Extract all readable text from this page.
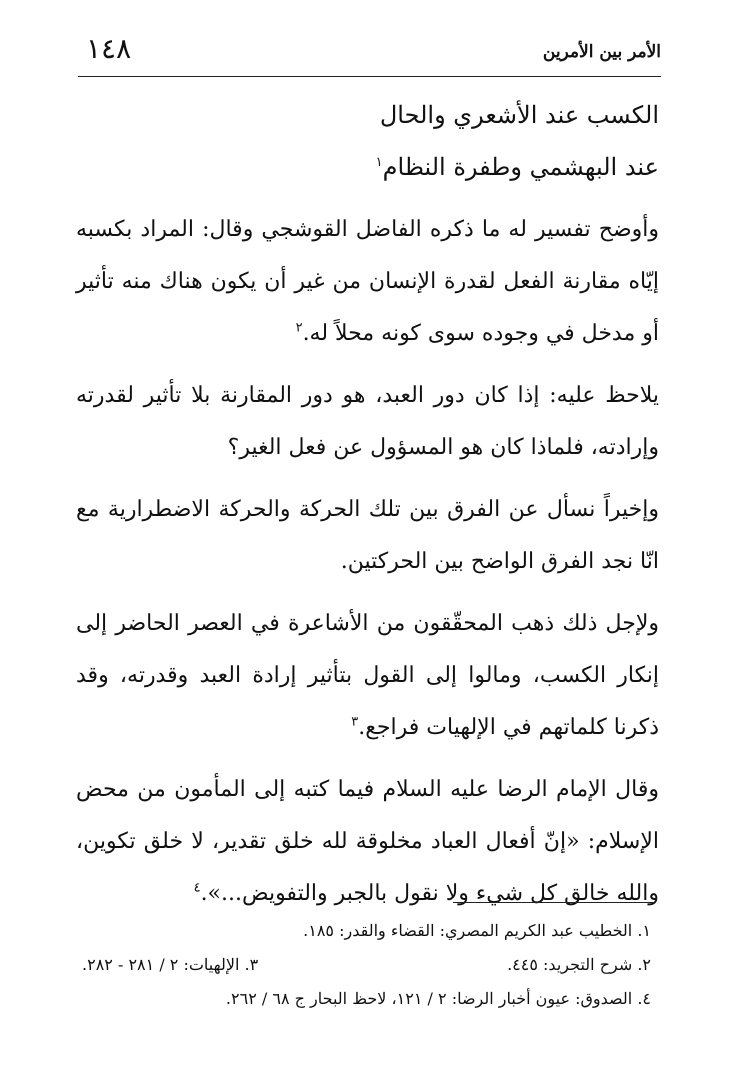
١٤٨	الأمر بين الأمرين

الكسب عند الأشعري والحال

عند البهشمي وطفرة النظام$^١$

وأوضح تفسير له ما ذكره الفاضل القوشجي وقال: المراد بكسبه إيّاه مقارنة الفعل لقدرة الإنسان من غير أن يكون هناك منه تأثير أو مدخل في وجوده سوى كونه محلاً له.$^٢$

يلاحظ عليه: إذا كان دور العبد، هو دور المقارنة بلا تأثير لقدرته وإرادته، فلماذا كان هو المسؤول عن فعل الغير؟

وإخيراً نسأل عن الفرق بين تلك الحركة والحركة الاضطرارية مع انّا نجد الفرق الواضح بين الحركتين.

ولإجل ذلك ذهب المحقّقون من الأشاعرة في العصر الحاضر إلى إنكار الكسب، ومالوا إلى القول بتأثير إرادة العبد وقدرته، وقد ذكرنا كلماتهم في الإلهيات فراجع.$^٣$

وقال الإمام الرضا عليه السلام فيما كتبه إلى المأمون من محض الإسلام: «إنّ أفعال العباد مخلوقة لله خلق تقدير، لا خلق تكوين، والله خالق كل شيء ولا نقول بالجبر والتفويض...».$^٤$

١. الخطيب عبد الكريم المصري: القضاء والقدر: ١٨٥.
٢. شرح التجريد: ٤٤٥.
٣. الإلهيات: ٢ / ٢٨١ - ٢٨٢.
٤. الصدوق: عيون أخبار الرضا: ٢ / ١٢١، لاحظ البحار ج ٦٨ / ٢٦٢.
